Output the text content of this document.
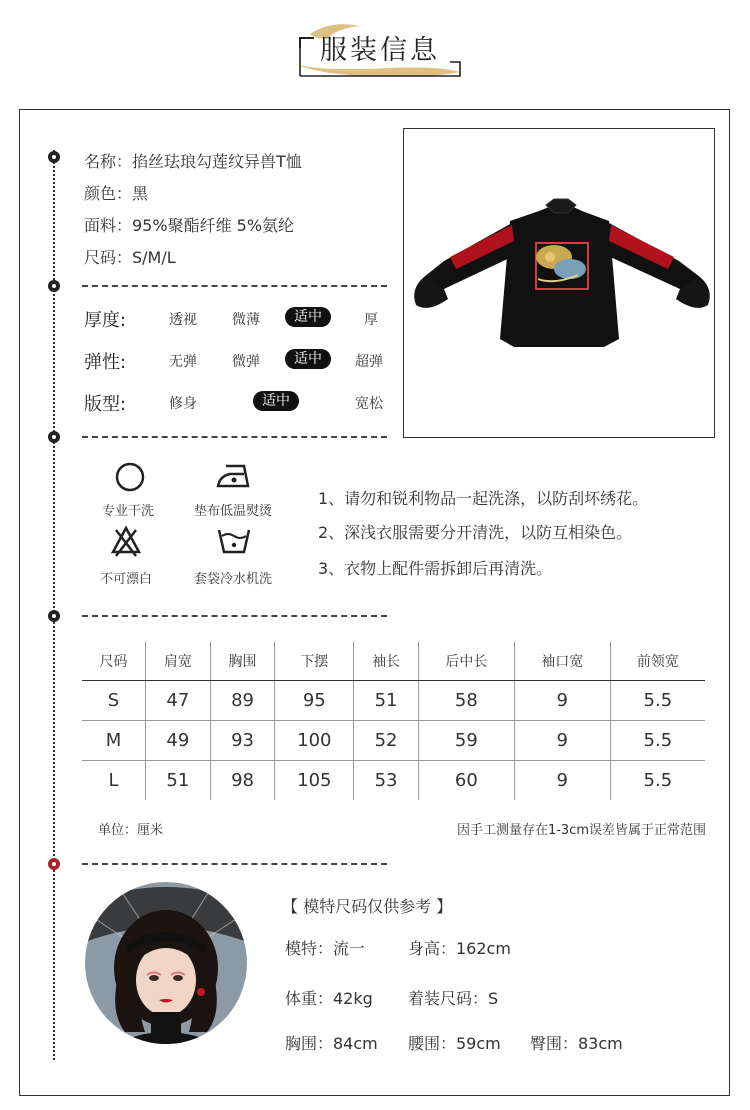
服装信息
名称：掐丝珐琅勾莲纹异兽T恤
颜色：黑
面料：95%聚酯纤维 5%氨纶
尺码：S/M/L
厚度:	透视	微薄	适中	厚
弹性:	无弹	微弹	适中	超弹
版型:	修身	适中	宽松
专业干洗	垫布低温熨烫
不可漂白	套袋冷水机洗
1、请勿和锐利物品一起洗涤，以防刮坏绣花。
2、深浅衣服需要分开清洗，以防互相染色。
3、衣物上配件需拆卸后再清洗。
尺码	肩宽	胸围	下摆	袖长	后中长	袖口宽	前领宽
S	47	89	95	51	58	9	5.5
M	49	93	100	52	59	9	5.5
L	51	98	105	53	60	9	5.5
单位：厘米	因手工测量存在1-3cm误差皆属于正常范围
【 模特尺码仅供参考 】
模特：流一	身高：162cm
体重：42kg 着装尺码：S
胸围：84cm 腰围：59cm 臀围：83cm
